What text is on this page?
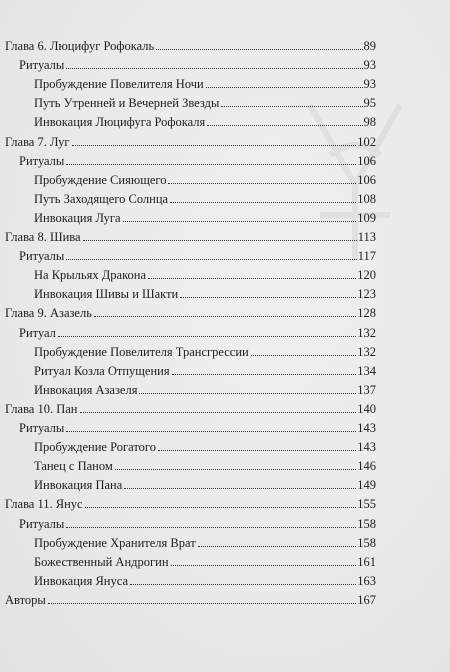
Глава 6. Люцифуг Рофокаль	89
Ритуалы	93
Пробуждение Повелителя Ночи	93
Путь Утренней и Вечерней Звезды	95
Инвокация Люцифуга Рофокаля	98
Глава 7. Луг	102
Ритуалы	106
Пробуждение Сияющего	106
Путь Заходящего Солнца	108
Инвокация Луга	109
Глава 8. Шива	113
Ритуалы	117
На Крыльях Дракона	120
Инвокация Шивы и Шакти	123
Глава 9. Азазель	128
Ритуал	132
Пробуждение Повелителя Трансгрессии	132
Ритуал Козла Отпущения	134
Инвокация Азазеля	137
Глава 10. Пан	140
Ритуалы	143
Пробуждение Рогатого	143
Танец с Паном	146
Инвокация Пана	149
Глава 11. Янус	155
Ритуалы	158
Пробуждение Хранителя Врат	158
Божественный Андрогин	161
Инвокация Януса	163
Авторы	167
